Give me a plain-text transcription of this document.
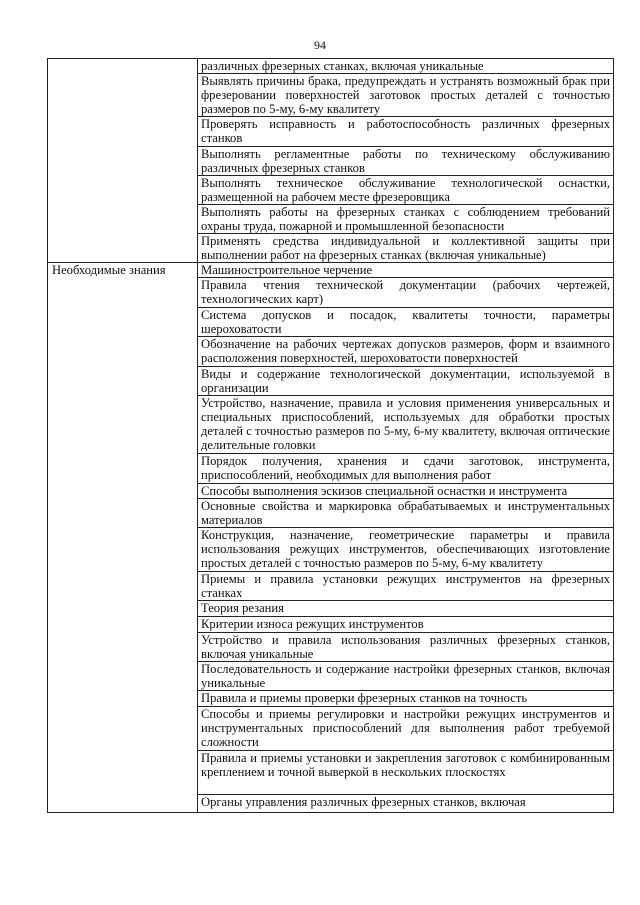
94
	различных фрезерных станках, включая уникальные
	Выявлять причины брака, предупреждать и устранять возможный брак при фрезеровании поверхностей заготовок простых деталей с точностью размеров по 5-му, 6-му квалитету
	Проверять исправность и работоспособность различных фрезерных станков
	Выполнять регламентные работы по техническому обслуживанию различных фрезерных станков
	Выполнять техническое обслуживание технологической оснастки, размещенной на рабочем месте фрезеровщика
	Выполнять работы на фрезерных станках с соблюдением требований охраны труда, пожарной и промышленной безопасности
	Применять средства индивидуальной и коллективной защиты при выполнении работ на фрезерных станках (включая уникальные)
Необходимые знания	Машиностроительное черчение
	Правила чтения технической документации (рабочих чертежей, технологических карт)
	Система допусков и посадок, квалитеты точности, параметры шероховатости
	Обозначение на рабочих чертежах допусков размеров, форм и взаимного расположения поверхностей, шероховатости поверхностей
	Виды и содержание технологической документации, используемой в организации
	Устройство, назначение, правила и условия применения универсальных и специальных приспособлений, используемых для обработки простых деталей с точностью размеров по 5-му, 6-му квалитету, включая оптические делительные головки
	Порядок получения, хранения и сдачи заготовок, инструмента, приспособлений, необходимых для выполнения работ
	Способы выполнения эскизов специальной оснастки и инструмента
	Основные свойства и маркировка обрабатываемых и инструментальных материалов
	Конструкция, назначение, геометрические параметры и правила использования режущих инструментов, обеспечивающих изготовление простых деталей с точностью размеров по 5-му, 6-му квалитету
	Приемы и правила установки режущих инструментов на фрезерных станках
	Теория резания
	Критерии износа режущих инструментов
	Устройство и правила использования различных фрезерных станков, включая уникальные
	Последовательность и содержание настройки фрезерных станков, включая уникальные
	Правила и приемы проверки фрезерных станков на точность
	Способы и приемы регулировки и настройки режущих инструментов и инструментальных приспособлений для выполнения работ требуемой сложности
	Правила и приемы установки и закрепления заготовок с комбинированным креплением и точной выверкой в нескольких плоскостях
	Органы управления различных фрезерных станков, включая
